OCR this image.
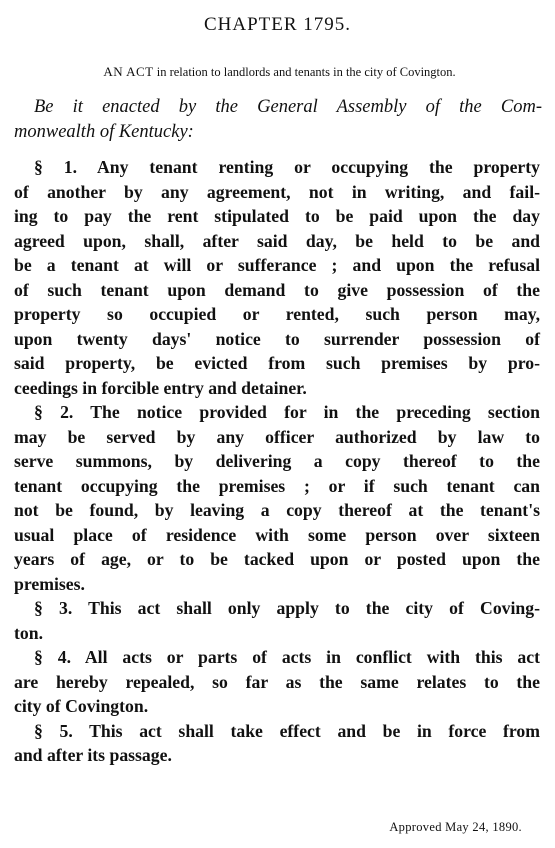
CHAPTER 1795.
AN ACT in relation to landlords and tenants in the city of Covington.
Be it enacted by the General Assembly of the Com-
monwealth of Kentucky:
§ 1. Any tenant renting or occupying the property
of another by any agreement, not in writing, and fail-
ing to pay the rent stipulated to be paid upon the day
agreed upon, shall, after said day, be held to be and
be a tenant at will or sufferance ; and upon the refusal
of such tenant upon demand to give possession of the
property so occupied or rented, such person may,
upon twenty days' notice to surrender possession of
said property, be evicted from such premises by pro-
ceedings in forcible entry and detainer.
§ 2. The notice provided for in the preceding section
may be served by any officer authorized by law to
serve summons, by delivering a copy thereof to the
tenant occupying the premises ; or if such tenant can
not be found, by leaving a copy thereof at the tenant's
usual place of residence with some person over sixteen
years of age, or to be tacked upon or posted upon the
premises.
§ 3. This act shall only apply to the city of Coving-
ton.
§ 4. All acts or parts of acts in conflict with this act
are hereby repealed, so far as the same relates to the
city of Covington.
§ 5. This act shall take effect and be in force from
and after its passage.
Approved May 24, 1890.
